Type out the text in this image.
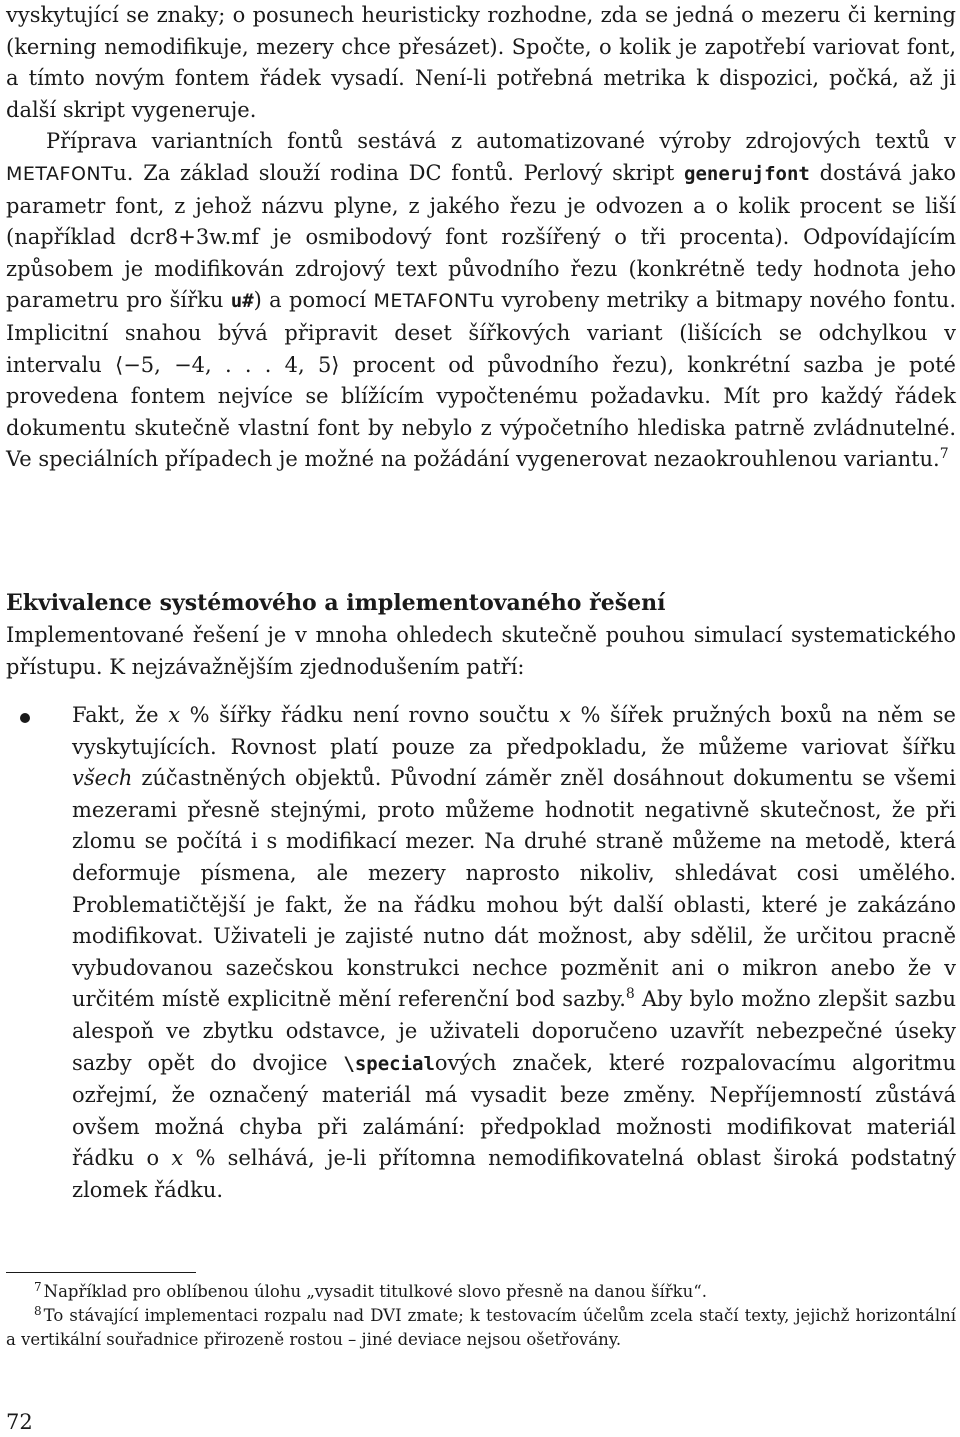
vyskytující se znaky; o posunech heuristicky rozhodne, zda se jedná o mezeru či kerning (kerning nemodifikuje, mezery chce přesázet). Spočte, o kolik je zapotřebí variovat font, a tímto novým fontem řádek vysadí. Není-li potřebná metrika k dispozici, počká, až ji další skript vygeneruje.

Příprava variantních fontů sestává z automatizované výroby zdrojových textů v METAFONTu. Za základ slouží rodina DC fontů. Perlový skript generujfont dostává jako parametr font, z jehož názvu plyne, z jakého řezu je odvozen a o kolik procent se liší (například dcr8+3w.mf je osmibodový font rozšířený o tři procenta). Odpovídajícím způsobem je modifikován zdrojový text původního řezu (konkrétně tedy hodnota jeho parametru pro šířku u#) a pomocí METAFONTu vyrobeny metriky a bitmapy nového fontu. Implicitní snahou bývá připravit deset šířkových variant (lišících se odchylkou v intervalu ⟨−5, −4, . . . 4, 5⟩ procent od původního řezu), konkrétní sazba je poté provedena fontem nejvíce se blížícím vypočtenému požadavku. Mít pro každý řádek dokumentu skutečně vlastní font by nebylo z výpočetního hlediska patrně zvládnutelné. Ve speciálních případech je možné na požádání vygenerovat nezaokrouhlenou variantu.$^7$

Ekvivalence systémového a implementovaného řešení

Implementované řešení je v mnoha ohledech skutečně pouhou simulací systematického přístupu. K nejzávažnějším zjednodušením patří:

Fakt, že x % šířky řádku není rovno součtu x % šířek pružných boxů na něm se vyskytujících. Rovnost platí pouze za předpokladu, že můžeme variovat šířku všech zúčastněných objektů. Původní záměr zněl dosáhnout dokumentu se všemi mezerami přesně stejnými, proto můžeme hodnotit negativně skutečnost, že při zlomu se počítá i s modifikací mezer. Na druhé straně můžeme na metodě, která deformuje písmena, ale mezery naprosto nikoliv, shledávat cosi umělého. Problematičtější je fakt, že na řádku mohou být další oblasti, které je zakázáno modifikovat. Uživateli je zajisté nutno dát možnost, aby sdělil, že určitou pracně vybudovanou sazečskou konstrukci nechce pozměnit ani o mikron anebo že v určitém místě explicitně mění referenční bod sazby.$^8$ Aby bylo možno zlepšit sazbu alespoň ve zbytku odstavce, je uživateli doporučeno uzavřít nebezpečné úseky sazby opět do dvojice \specialových značek, které rozpalovacímu algoritmu ozřejmí, že označený materiál má vysadit beze změny. Nepříjemností zůstává ovšem možná chyba při zalámání: předpoklad možnosti modifikovat materiál řádku o x % selhává, je-li přítomna nemodifikovatelná oblast široká podstatný zlomek řádku.

$^7$ Například pro oblíbenou úlohu „vysadit titulkové slovo přesně na danou šířku“.

$^8$ To stávající implementaci rozpalu nad DVI zmate; k testovacím účelům zcela stačí texty, jejichž horizontální a vertikální souřadnice přirozeně rostou – jiné deviace nejsou ošetřovány.

72
